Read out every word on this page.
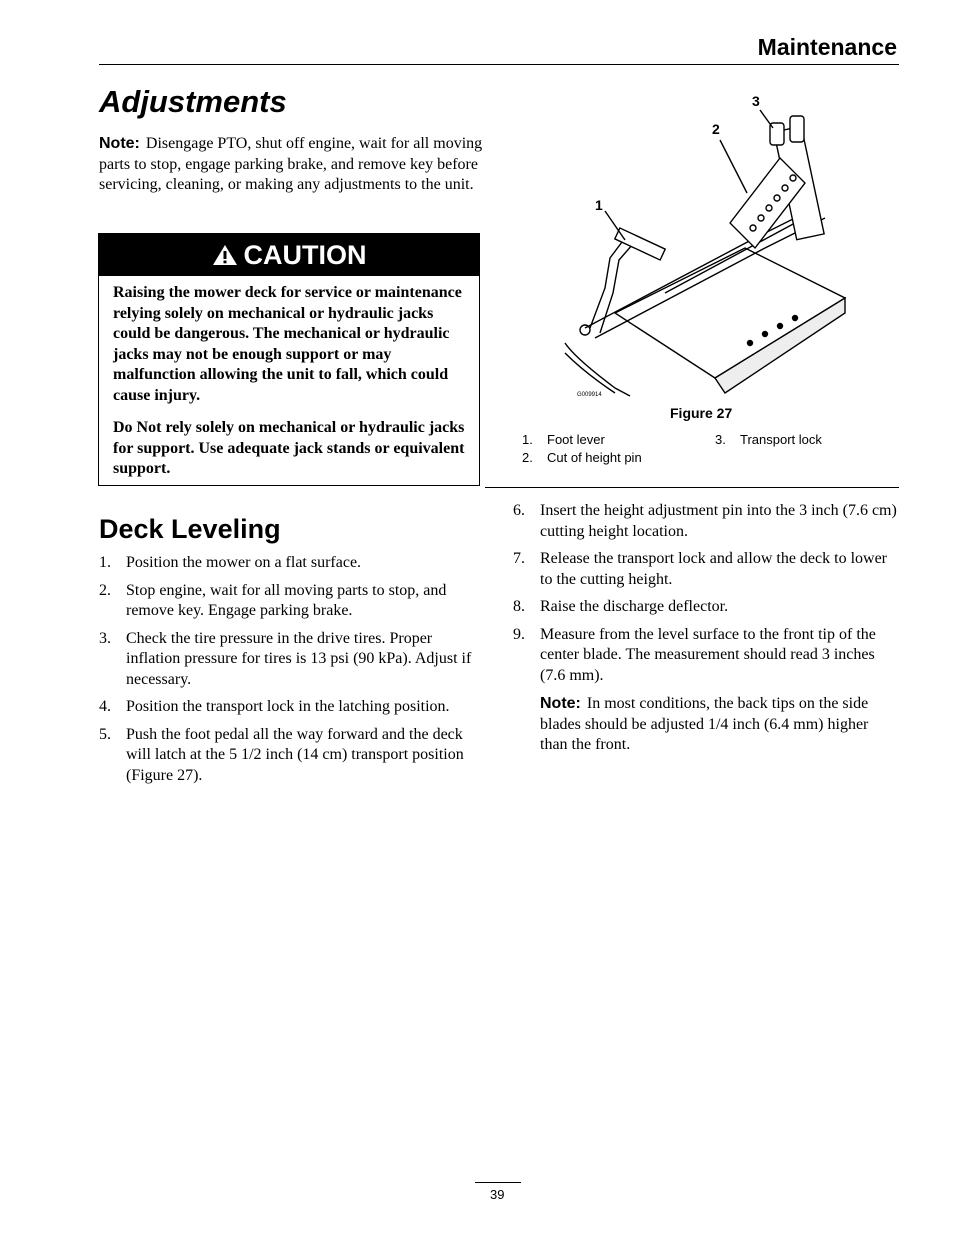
Maintenance
Adjustments
Note: Disengage PTO, shut off engine, wait for all moving parts to stop, engage parking brake, and remove key before servicing, cleaning, or making any adjustments to the unit.
CAUTION

Raising the mower deck for service or maintenance relying solely on mechanical or hydraulic jacks could be dangerous. The mechanical or hydraulic jacks may not be enough support or may malfunction allowing the unit to fall, which could cause injury.

Do Not rely solely on mechanical or hydraulic jacks for support. Use adequate jack stands or equivalent support.

Deck Leveling
1. Position the mower on a flat surface.
2. Stop engine, wait for all moving parts to stop, and remove key. Engage parking brake.
3. Check the tire pressure in the drive tires. Proper inflation pressure for tires is 13 psi (90 kPa). Adjust if necessary.
4. Position the transport lock in the latching position.
5. Push the foot pedal all the way forward and the deck will latch at the 5 1/2 inch (14 cm) transport position (Figure 27).
1
2
3
G009914
Figure 27
1. Foot lever
2. Cut of height pin
3. Transport lock
6. Insert the height adjustment pin into the 3 inch (7.6 cm) cutting height location.
7. Release the transport lock and allow the deck to lower to the cutting height.
8. Raise the discharge deflector.
9. Measure from the level surface to the front tip of the center blade. The measurement should read 3 inches (7.6 mm).
Note: In most conditions, the back tips on the side blades should be adjusted 1/4 inch (6.4 mm) higher than the front.
39
